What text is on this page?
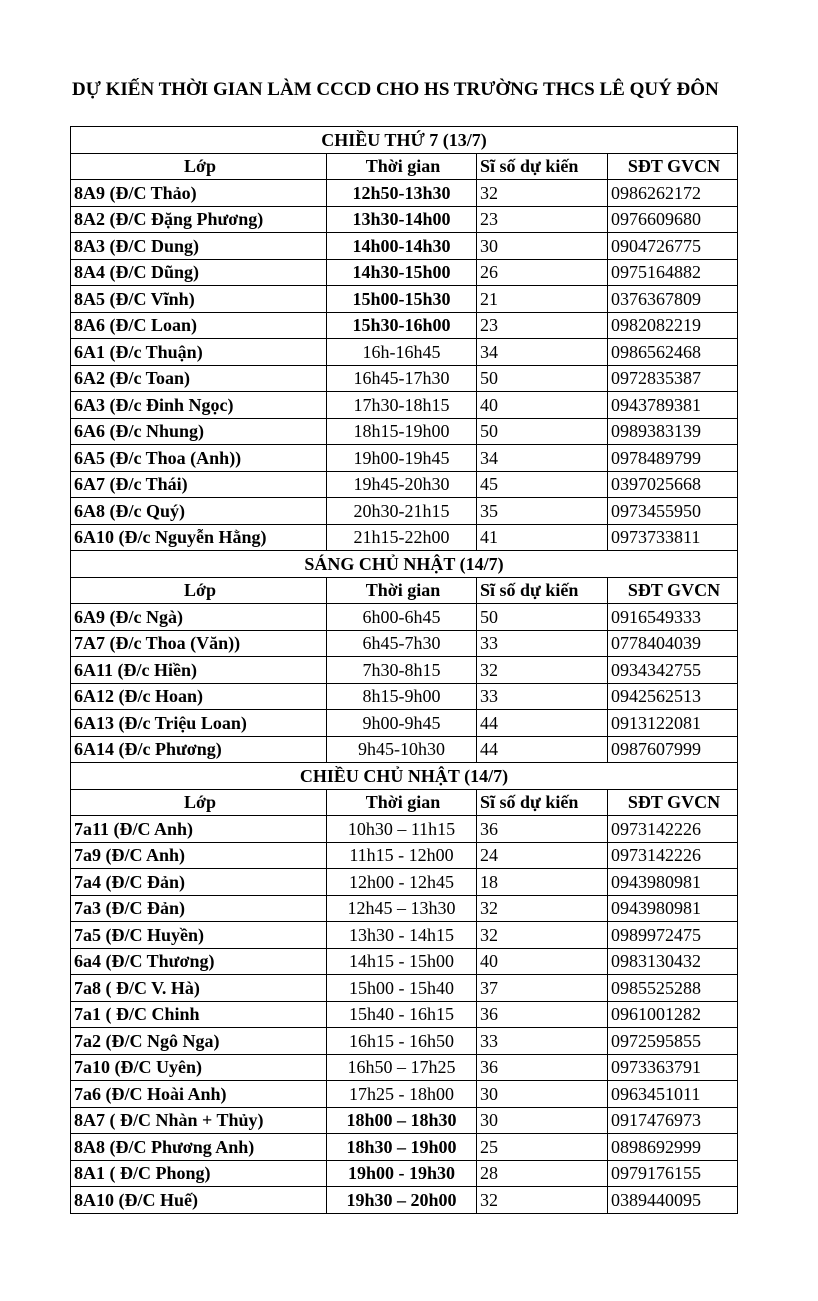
DỰ KIẾN THỜI GIAN LÀM CCCD CHO HS TRƯỜNG THCS LÊ QUÝ ĐÔN
CHIỀU THỨ 7 (13/7)			
Lớp	Thời gian	Sĩ số dự kiến	SĐT GVCN
8A9 (Đ/C Thảo)	12h50-13h30	32	0986262172
8A2 (Đ/C Đặng Phương)	13h30-14h00	23	0976609680
8A3 (Đ/C Dung)	14h00-14h30	30	0904726775
8A4 (Đ/C Dũng)	14h30-15h00	26	0975164882
8A5 (Đ/C Vĩnh)	15h00-15h30	21	0376367809
8A6 (Đ/C Loan)	15h30-16h00	23	0982082219
6A1 (Đ/c Thuận)	16h-16h45	34	0986562468
6A2 (Đ/c Toan)	16h45-17h30	50	0972835387
6A3 (Đ/c Đinh Ngọc)	17h30-18h15	40	0943789381
6A6 (Đ/c Nhung)	18h15-19h00	50	0989383139
6A5 (Đ/c Thoa (Anh))	19h00-19h45	34	0978489799
6A7 (Đ/c Thái)	19h45-20h30	45	0397025668
6A8 (Đ/c Quý)	20h30-21h15	35	0973455950
6A10 (Đ/c Nguyễn Hằng)	21h15-22h00	41	0973733811
SÁNG CHỦ NHẬT (14/7)			
Lớp	Thời gian	Sĩ số dự kiến	SĐT GVCN
6A9 (Đ/c Ngà)	6h00-6h45	50	0916549333
7A7 (Đ/c Thoa (Văn))	6h45-7h30	33	0778404039
6A11 (Đ/c Hiền)	7h30-8h15	32	0934342755
6A12 (Đ/c Hoan)	8h15-9h00	33	0942562513
6A13 (Đ/c Triệu Loan)	9h00-9h45	44	0913122081
6A14 (Đ/c Phương)	9h45-10h30	44	0987607999
CHIỀU CHỦ NHẬT (14/7)			
Lớp	Thời gian	Sĩ số dự kiến	SĐT GVCN
7a11 (Đ/C Anh)	10h30 – 11h15	36	0973142226
7a9 (Đ/C Anh)	11h15 - 12h00	24	0973142226
7a4 (Đ/C Đản)	12h00 - 12h45	18	0943980981
7a3 (Đ/C Đản)	12h45 – 13h30	32	0943980981
7a5 (Đ/C Huyền)	13h30 - 14h15	32	0989972475
6a4 (Đ/C Thương)	14h15 - 15h00	40	0983130432
7a8 ( Đ/C V. Hà)	15h00 - 15h40	37	0985525288
7a1 ( Đ/C Chinh	15h40 - 16h15	36	0961001282
7a2 (Đ/C Ngô Nga)	16h15 - 16h50	33	0972595855
7a10 (Đ/C Uyên)	16h50 – 17h25	36	0973363791
7a6 (Đ/C Hoài Anh)	17h25 - 18h00	30	0963451011
8A7 ( Đ/C Nhàn + Thủy)	18h00 – 18h30	30	0917476973
8A8 (Đ/C Phương Anh)	18h30 – 19h00	25	0898692999
8A1 ( Đ/C Phong)	19h00 - 19h30	28	0979176155
8A10 (Đ/C Huế)	19h30 – 20h00	32	0389440095
